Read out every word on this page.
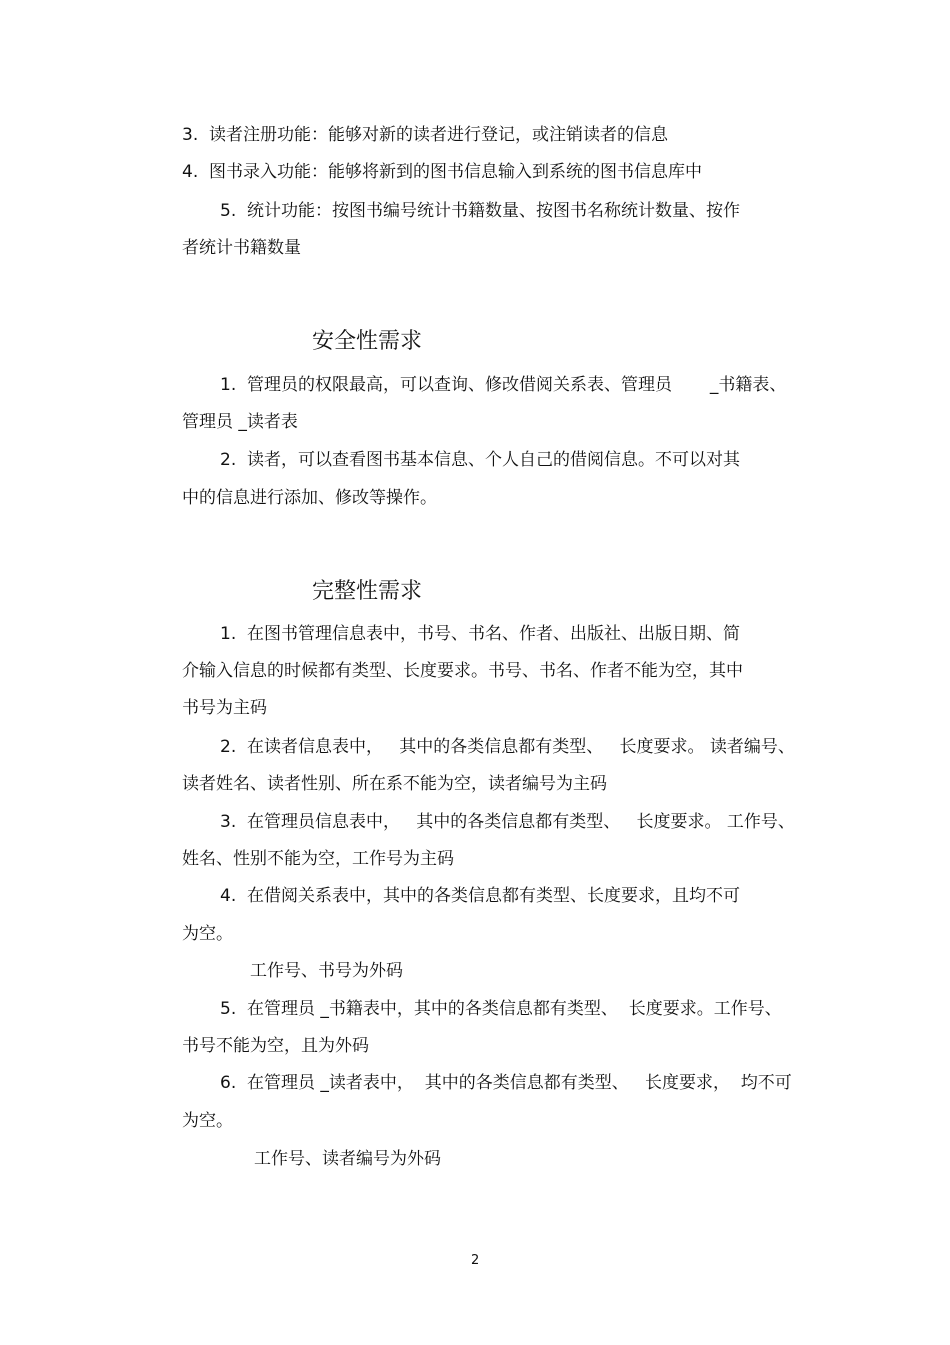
3.  读者注册功能：能够对新的读者进行登记，或注销读者的信息

4.  图书录入功能：能够将新到的图书信息输入到系统的图书信息库中

5.  统计功能：按图书编号统计书籍数量、按图书名称统计数量、按作

者统计书籍数量

安全性需求

1.  管理员的权限最高，可以查询、修改借阅关系表、管理员       _书籍表、

管理员 _读者表

2.  读者，可以查看图书基本信息、个人自己的借阅信息。不可以对其

中的信息进行添加、修改等操作。

完整性需求

1.  在图书管理信息表中，书号、书名、作者、出版社、出版日期、简

介输入信息的时候都有类型、长度要求。书号、书名、作者不能为空，其中

书号为主码

2.  在读者信息表中，   其中的各类信息都有类型、   长度要求。 读者编号、

读者姓名、读者性别、所在系不能为空，读者编号为主码

3.  在管理员信息表中，   其中的各类信息都有类型、   长度要求。 工作号、

姓名、性别不能为空，工作号为主码

4.  在借阅关系表中，其中的各类信息都有类型、长度要求，且均不可

为空。

工作号、书号为外码

5.  在管理员 _书籍表中，其中的各类信息都有类型、  长度要求。工作号、

书号不能为空，且为外码

6.  在管理员 _读者表中，  其中的各类信息都有类型、   长度要求，  均不可

为空。

工作号、读者编号为外码

2
